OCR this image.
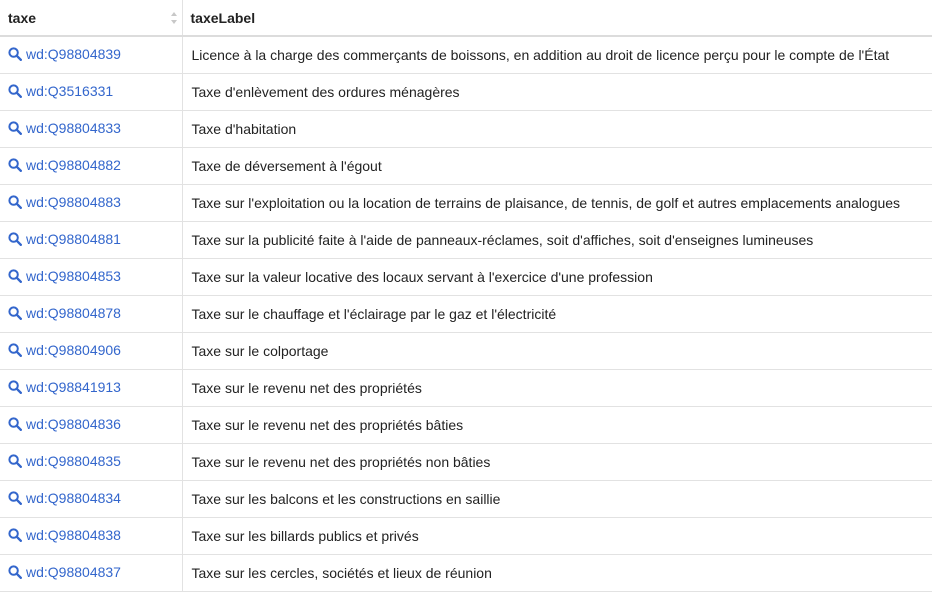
taxe	taxeLabel

wd:Q98804839	Licence à la charge des commerçants de boissons, en addition au droit de licence perçu pour le compte de l'État

wd:Q3516331	Taxe d'enlèvement des ordures ménagères

wd:Q98804833	Taxe d'habitation

wd:Q98804882	Taxe de déversement à l'égout

wd:Q98804883	Taxe sur l'exploitation ou la location de terrains de plaisance, de tennis, de golf et autres emplacements analogues

wd:Q98804881	Taxe sur la publicité faite à l'aide de panneaux-réclames, soit d'affiches, soit d'enseignes lumineuses

wd:Q98804853	Taxe sur la valeur locative des locaux servant à l'exercice d'une profession

wd:Q98804878	Taxe sur le chauffage et l'éclairage par le gaz et l'électricité

wd:Q98804906	Taxe sur le colportage

wd:Q98841913	Taxe sur le revenu net des propriétés

wd:Q98804836	Taxe sur le revenu net des propriétés bâties

wd:Q98804835	Taxe sur le revenu net des propriétés non bâties

wd:Q98804834	Taxe sur les balcons et les constructions en saillie

wd:Q98804838	Taxe sur les billards publics et privés

wd:Q98804837	Taxe sur les cercles, sociétés et lieux de réunion
